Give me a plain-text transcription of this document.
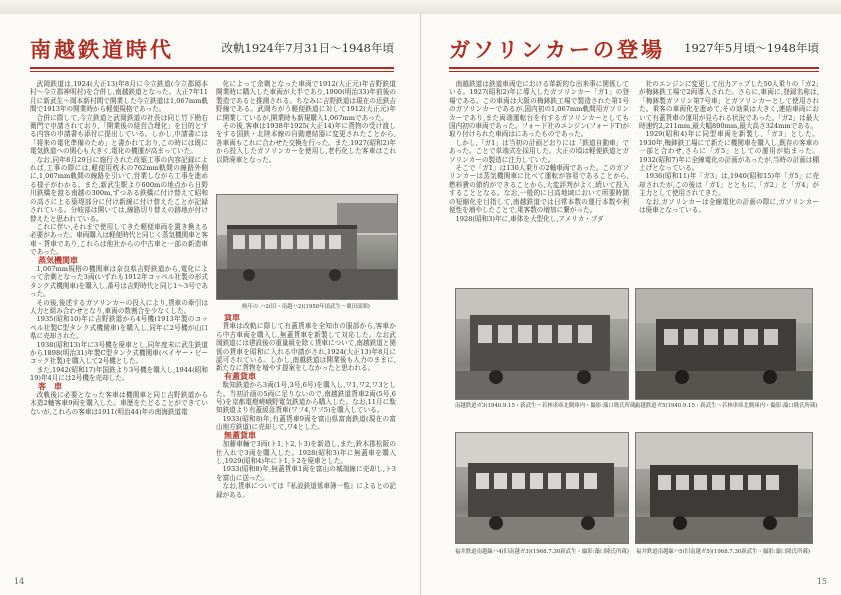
南越鉄道時代	改軌1924年7月31日〜1948年頃

武岡鉄道は,1924(大正13)年8月に今立鉄道(今立郡岡本村〜今立郡神明村)を合併し,南越鉄道となった。大正7年11月に新武生〜岡本新村間で開業した今立鉄道は1,067mm軌間で1913年の開業時から軽便規格であった。

合併に際して,今立鉄道と武岡鉄道の社長は同じ竹下勘右衛門で申請されており,「開業後の経営合理化」を目的とする内容の申請書も添付に提出している。しかし,申請書には「将来の電化準備のため」と書かれており,この時には既に電気鉄道への関心も大きく,電化の機運が高まっていた。

なお,同年8月29日に施行された改築工事の内容記録によれば,工事の際には,軽便用枕木の762mm軌間の線路外側に,1,067mm軌間の線路を引いて,営業しながら工事を進める様子がわかる。また,新武生駅より600mの地点から日野川鉄橋を渡る南越の300m,ずつある鉄橋に付け替えて昭和の高さに上る築堤部分に付け新線に付け替えたことが記録されている。分岐部は開いては,線路切り替えの跡地が付け替えたと思われている。

これに伴い,それまで使用してきた軽便車両を置き換える必要があった。車両購入は軽便時代と同じく蒸気機関車と客車・貨車であり,これらは他社からの中古車と一部の新造車であった。

蒸気機関車

1,067mm規格の機関車は奈良県吉野鉄道から,電化によって余剰となった3両(いずれも1912年コッペル社製の形式タンク式機関車)を購入し,番号は吉野時代と同じ1〜3号であった。

その後,後述するガソリンカーの投入により,貨車の牽引は人力と組み合わせとなり,車両の数割合を少なくした。

1935(昭和10)年に吉野鉄道から4号機(1913年製のコッペル社製C型タンク式機関車)を購入し,同年に2号機が山口県に売却された。

1938(昭和13)年に3号機を廃車とし,同年度末に武生鉄道から1898(明治31)年製C型タンク式機関車(ベイヤー・ピーコック社製)を購入して2号機とした。

また,1942(昭和17)年国鉄より3号機を購入し,1944(昭和19)年4月には2号機を売却した。

客　車

改軌後に必要となった客車は機関車と同じ吉野鉄道から木造2軸客車9両を購入した。車歴をたどることができていないが,これらの客車は1911(明治44)年の南海鉄道電

化によって余剰となった車両で1912(大正元)年吉野鉄道開業時に購入した車両が大半であり,1900(明治33)年前後の製造であると推測される。ちなみに吉野鉄道は現在の近鉄吉野線である。武岡ちがう軽便鉄道に対して1912(大正元)年に開業しているが,開業時も新規購入1,067mmであった。

その後,客車は1938年1925(大正14)年に貨物の受け渡しをする国鉄・北陸本線の自動連結器に変更されたことから,各車両もこれに合わせた交換を行った。また,1927(昭和2)年から投入したガソリンカーを使用し,老朽化した客車はこれ以降廃車となった。

晩年の ハ2(旧・南越ハ2)(1950年頃武生〜粟田部間)

貨車

貨車は改軌に際して有蓋貨車を全知市の服部から,客車から中古車両を購入し,無蓋貨車を新製して対応した。なお武岡鉄道には建設後の重量級を除く貨車について,南越鉄道と関係の貨車を昭和に入れる申請がされ,1924(大正13)年8月に認可されている。しかし,南越鉄道は開業後も人力のままに,新たなに貨物を増やす提案をしなかったと思われる。

有蓋貨車

駄知鉄道から3両(1号,3号,6号)を購入し,ワ1,ワ2,ワ3とした。当初計画の5両に足りないので,南越鉄道貨車2両(5号,6号)を京都電燈嵯峨野電気鉄道から購入した。なお,11月に駄知鉄道より有蓋緩急貨車(ワフ4,ワフ5)を購入している。

1933(昭和8)年,有蓋貨車9両を富山県富南鉄道(現在の富山地方鉄道)に売却して,ワ4とした。

無蓋貨車

加藤車輛で3両(ト1,ト2,ト3)を新造し,また,鈴木郡松阪の仕入れで3両を購入した。1928(昭和3)年に無蓋車を購入し,1929(昭和4)年にト1,ト2を廃車とした。

1933(昭和8)年,無蓋貨車1両を富山の城端線に売却し,ト3を富山に送った。

なお,貨車については『私設鉄道係車簿一覧』によるとの記録がある。

14
ガソリンカーの登場 1927年5月頃〜1948年頃

南越鉄道は鉄道車両史における革新的な出来事に関係している。1927(昭和2)年に導入したガソリンカー「ガ1」の登場である。この車両は大阪の梅鉢鉄工場で製造された第1号のガソリンカーであるが,国内初の1,067mm軌間用ガソリンカーであり,また両端運転台を有するガソリンカーとしても国内初の車両であった。フォード社のエンジン(フォードT)が取り付けられた車両はにあったものであった。

しかし,「ガ1」は当初の計画どおりには「鉄道自動車」であった。ことで単端式を採用した。大正の頃は軽便鉄道とガソリンカーの製造に注力していた。

そこで「ガ1」は130人乗りの2軸車両であった。このガソリンカーは蒸気機関車に比べて運転が容易であることから,燃料費の節約ができることから,大変評判がよく,続いて投入することとなる。なお,一般的に日高地域において所要時間の短縮化を目指して,南越鉄道では日常本数の運行本数や利便性を増やしたことで,乗客数の増加に繋がった。

1928(昭和3)年に,車体を大型化し,アメリカ・ブダ

社のエンジンに変更して出力アップした50人乗りの「ガ2」が梅鉢鉄工場で2両導入された。さらに,車両に,登録名称は,「梅鉢製ガソリン第7号車」とガソリンカーとして使用された。乗客の車両化を進めて,その効果は大きく,連結車両において有蓋貨車の運用が見られる状況であった。「ガ2」は最大時速約2,211mm,最大幅800mm,最大高さ324mmである。

1929(昭和4)年に同型車両を新製し,「ガ3」とした。1930年,梅鉢鉄工場にて新たに機関車を購入し,既存の客車の一部と合わせ,さらに「ガ5」としての運用が始まった。1932(昭和7)年に全線電化の計画があったが,当時の計画は棚上げとなっている。

1936(昭和11)年「ガ3」は,1940(昭和15)年「ガ5」に売却されたが,この後は「ガ1」とともに,「ガ2」と「ガ4」が主力として使用されてきた。

なお,ガソリンカーは全線電化の計画の際に,ガソリンカーは廃車となっている。

南越鉄道ガ3(1940.9.15・新武生〜若林車庫北側庫内・撮影:藻口隆氏所蔵)
南越鉄道ガ5(1940.9.15・新武生〜若林車庫北側庫内・撮影:藻口隆氏所蔵)
福井鉄道南越線ハ4(旧南越ガ3)(1968.7.30新武生・撮影:藻口隆氏所蔵) 福井鉄道南越線ハ5(旧南越ガ5)(1968.7.30新武生・撮影:藻口隆氏所蔵)
15
